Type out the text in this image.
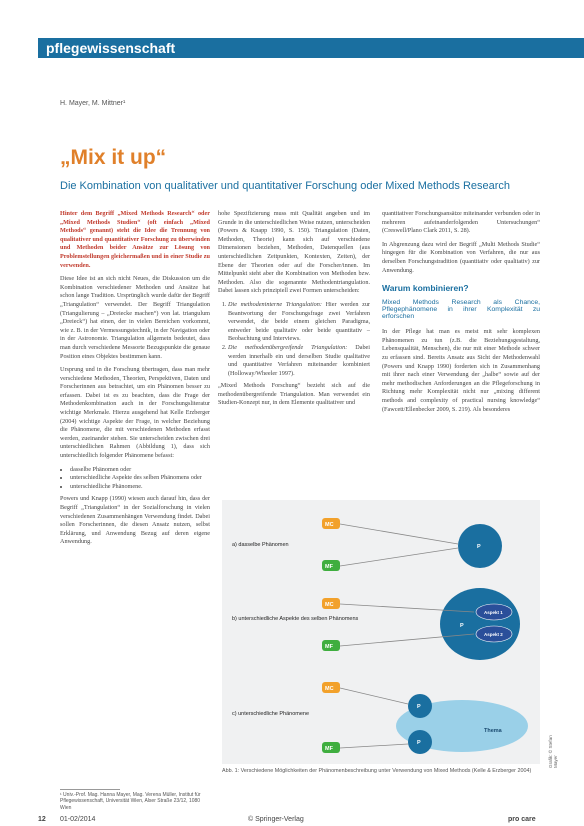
pflegewissenschaft
H. Mayer, M. Mittner¹
„Mix it up“
Die Kombination von qualitativer und quantitativer Forschung oder Mixed Methods Research

Hinter dem Begriff „Mixed Methods Research“ oder „Mixed Methods Studien“ (oft einfach „Mixed Methods“ genannt) steht die Idee die Trennung von qualitativer und quantitativer Forschung zu überwinden und Methoden beider Ansätze zur Lösung von Problemstellungen gleichermaßen und in einer Studie zu verwenden.

Diese Idee ist an sich nicht Neues, die Diskussion um die Kombination verschiedener Methoden und Ansätze hat schon lange Tradition. Ursprünglich wurde dafür der Begriff „Triangulation“ verwendet. Der Begriff Triangulation (Triangulierung – „Dreiecke machen“) von lat. triangulum „Dreieck“) hat einen, der in vielen Bereichen vorkommt, wie z. B. in der Vermessungstechnik, in der Navigation oder in der Astronomie. Triangulation allgemein bedeutet, dass man durch verschiedene Messorte Bezugspunkte die genaue Position eines Objektes bestimmen kann.

Ursprung und in die Forschung übertragen, dass man mehr verschiedene Methoden, Theorien, Perspektiven, Daten und Forscherinnen aus betrachtet, um ein Phänomen besser zu erfassen. Dabei ist es zu beachten, dass die Frage der Methodenkombination auch in der Forschungsliteratur wichtige Merkmale. Hierzu ausgehend hat Kelle Erzberger (2004) wichtige Aspekte der Frage, in welcher Beziehung die Phänomene, die mit verschiedenen Methoden erfasst werden, zueinander stehen. Sie unterscheiden zwischen drei unterschiedlichen Rahmen (Abbildung 1), dass sich unterschiedlich folgender Phänomene befasst:

• dasselbe Phänomen oder
• unterschiedliche Aspekte des selben Phänomens oder
• unterschiedliche Phänomene.

Powers und Knapp (1990) wiesen auch darauf hin, dass der Begriff „Triangulation“ in der Sozialforschung in vielen verschiedenen Zusammenhängen Verwendung findet. Dabei sollen Forscherinnen, die diesen Ansatz nutzen, selbst Erklärung, und Anwendung Bezug auf deren eigene Anwendung.

hohe Spezifizierung muss mit Qualität angeben und im Grunde in die unterschiedlichen Weise nutzen, unterscheiden (Powers & Knapp 1990, S. 150). Triangulation (Daten, Methoden, Theorie) kann sich auf verschiedene Dimensionen beziehen, Methoden, Datenquellen (aus unterschiedlichen Zeitpunkten, Kontexten, Zeiten), der Ebene der Theorien oder auf die Forscher/innen. Im Mittelpunkt steht aber die Kombination von Methoden bzw. Methoden. Also die sogenannte Methodentriangulation. Dabei lassen sich prinzipiell zwei Formen unterscheiden:

1. Die methodeninterne Triangulation: Hier werden zur Beantwortung der Forschungsfrage zwei Verfahren verwendet, die beide einem gleichen Paradigma, entweder beide qualitativ oder beide quantitativ – Beobachtung und Interviews.
2. Die methodenübergreifende Triangulation: Dabei werden innerhalb ein und derselben Studie qualitative und quantitative Verfahren miteinander kombiniert (Holloway/Wheeler 1997).

„Mixed Methods Forschung“ bezieht sich auf die methodenübergreifende Triangulation. Man verwendet ein Studien-Konzept nur, in dem Elemente qualitativer und

quantitativer Forschungsansätze miteinander verbunden oder in mehreren aufeinanderfolgenden Untersuchungen“ (Creswell/Plano Clark 2011, S. 28).

In Abgrenzung dazu wird der Begriff „Multi Methods Studie“ hingegen für die Kombination von Verfahren, die nur aus derselben Forschungstradition (quantitativ oder qualitativ) zur Anwendung.

Warum kombinieren?
Mixed Methods Research als Chance, Pflegephänomene in ihrer Komplexität zu erforschen

In der Pflege hat man es meist mit sehr komplexen Phänomenen zu tun (z.B. die Beziehungsgestaltung, Lebensqualität, Menschen), die nur mit einer Methode schwer zu erfassen sind. Bereits Ansatz aus Sicht der Methodenwahl (Powers und Knapp 1990) forderten sich in Zusammenhang mit ihrer nach einer Verwendung der „halbe“ sowie auf der mehr methodischen Anforderungen an die Pflegeforschung in Richtung mehr Komplexität nicht nur „mixing different methods and complexity of practical nursing knowledge“ (Fawcett/Ellenbecker 2009, S. 219). Als besonderes

MC
MF
P
MC
MF
P
Aspekt 1
Aspekt 2
MC
MF
P
P
Thema
a) dasselbe Phänomen
b) unterschiedliche Aspekte des selben Phänomens
c) unterschiedliche Phänomene
Abb. 1: Verschiedene Möglichkeiten der Phänomenbeschreibung unter Verwendung von Mixed Methods (Kelle & Erzberger 2004)
Grafik: © Stefan Mayer
¹ Univ.-Prof. Mag. Hanna Mayer, Mag. Verena Müller, Institut für Pflegewissenschaft, Universität Wien, Alser Straße 23/12, 1080 Wien
12 01-02/2014	© Springer-Verlag	pro care
